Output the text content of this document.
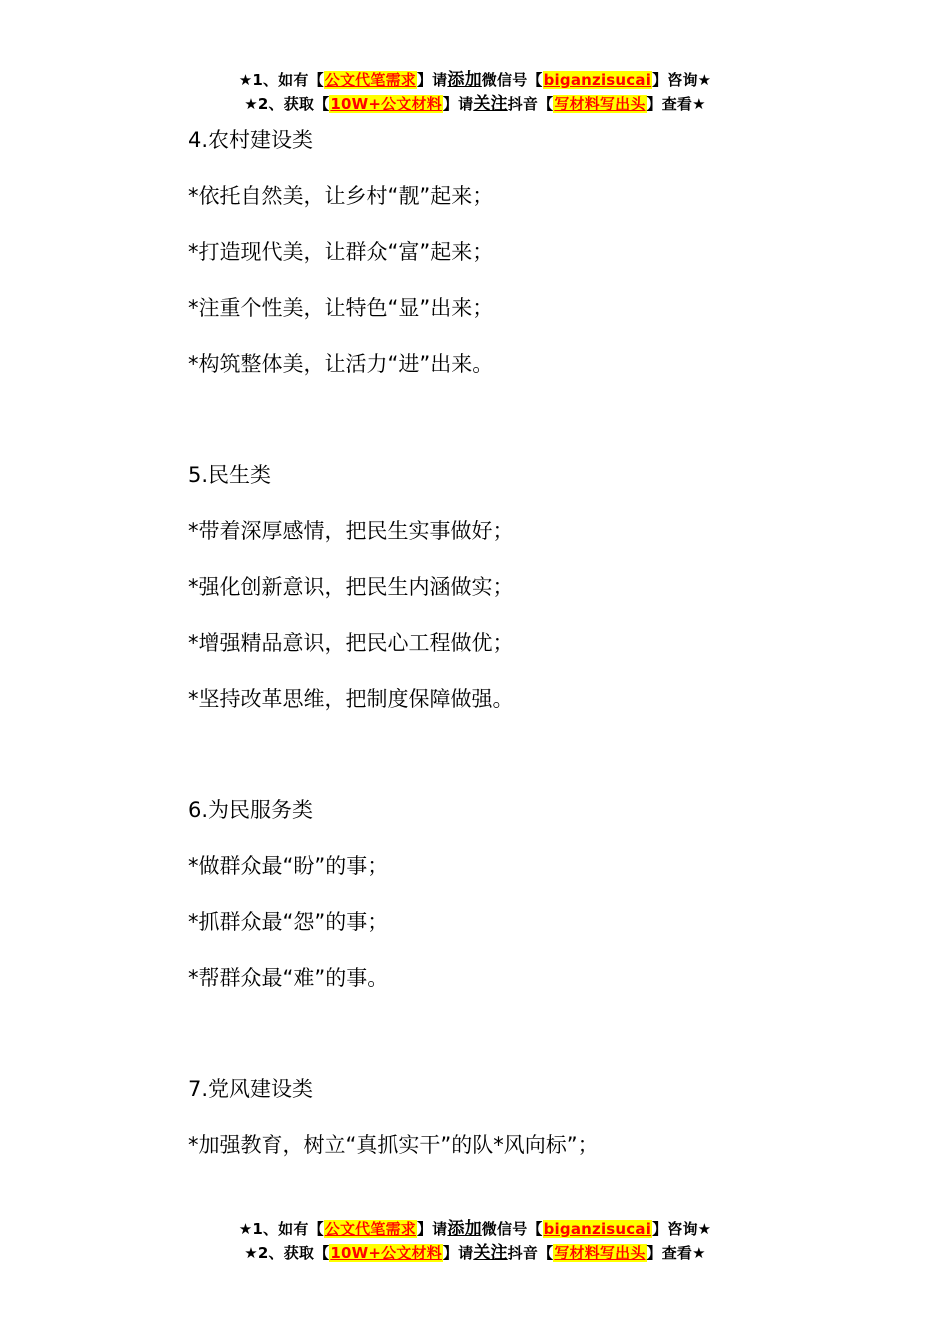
★1、如有【公文代笔需求】请添加微信号【biganzisucai】咨询★
★2、获取【10W+公文材料】请关注抖音【写材料写出头】查看★
4.农村建设类
*依托自然美，让乡村“靓”起来；
*打造现代美，让群众“富”起来；
*注重个性美，让特色“显”出来；
*构筑整体美，让活力“进”出来。
5.民生类
*带着深厚感情，把民生实事做好；
*强化创新意识，把民生内涵做实；
*增强精品意识，把民心工程做优；
*坚持改革思维，把制度保障做强。
6.为民服务类
*做群众最“盼”的事；
*抓群众最“怨”的事；
*帮群众最“难”的事。
7.党风建设类
*加强教育，树立“真抓实干”的队*风向标”；
★1、如有【公文代笔需求】请添加微信号【biganzisucai】咨询★
★2、获取【10W+公文材料】请关注抖音【写材料写出头】查看★
